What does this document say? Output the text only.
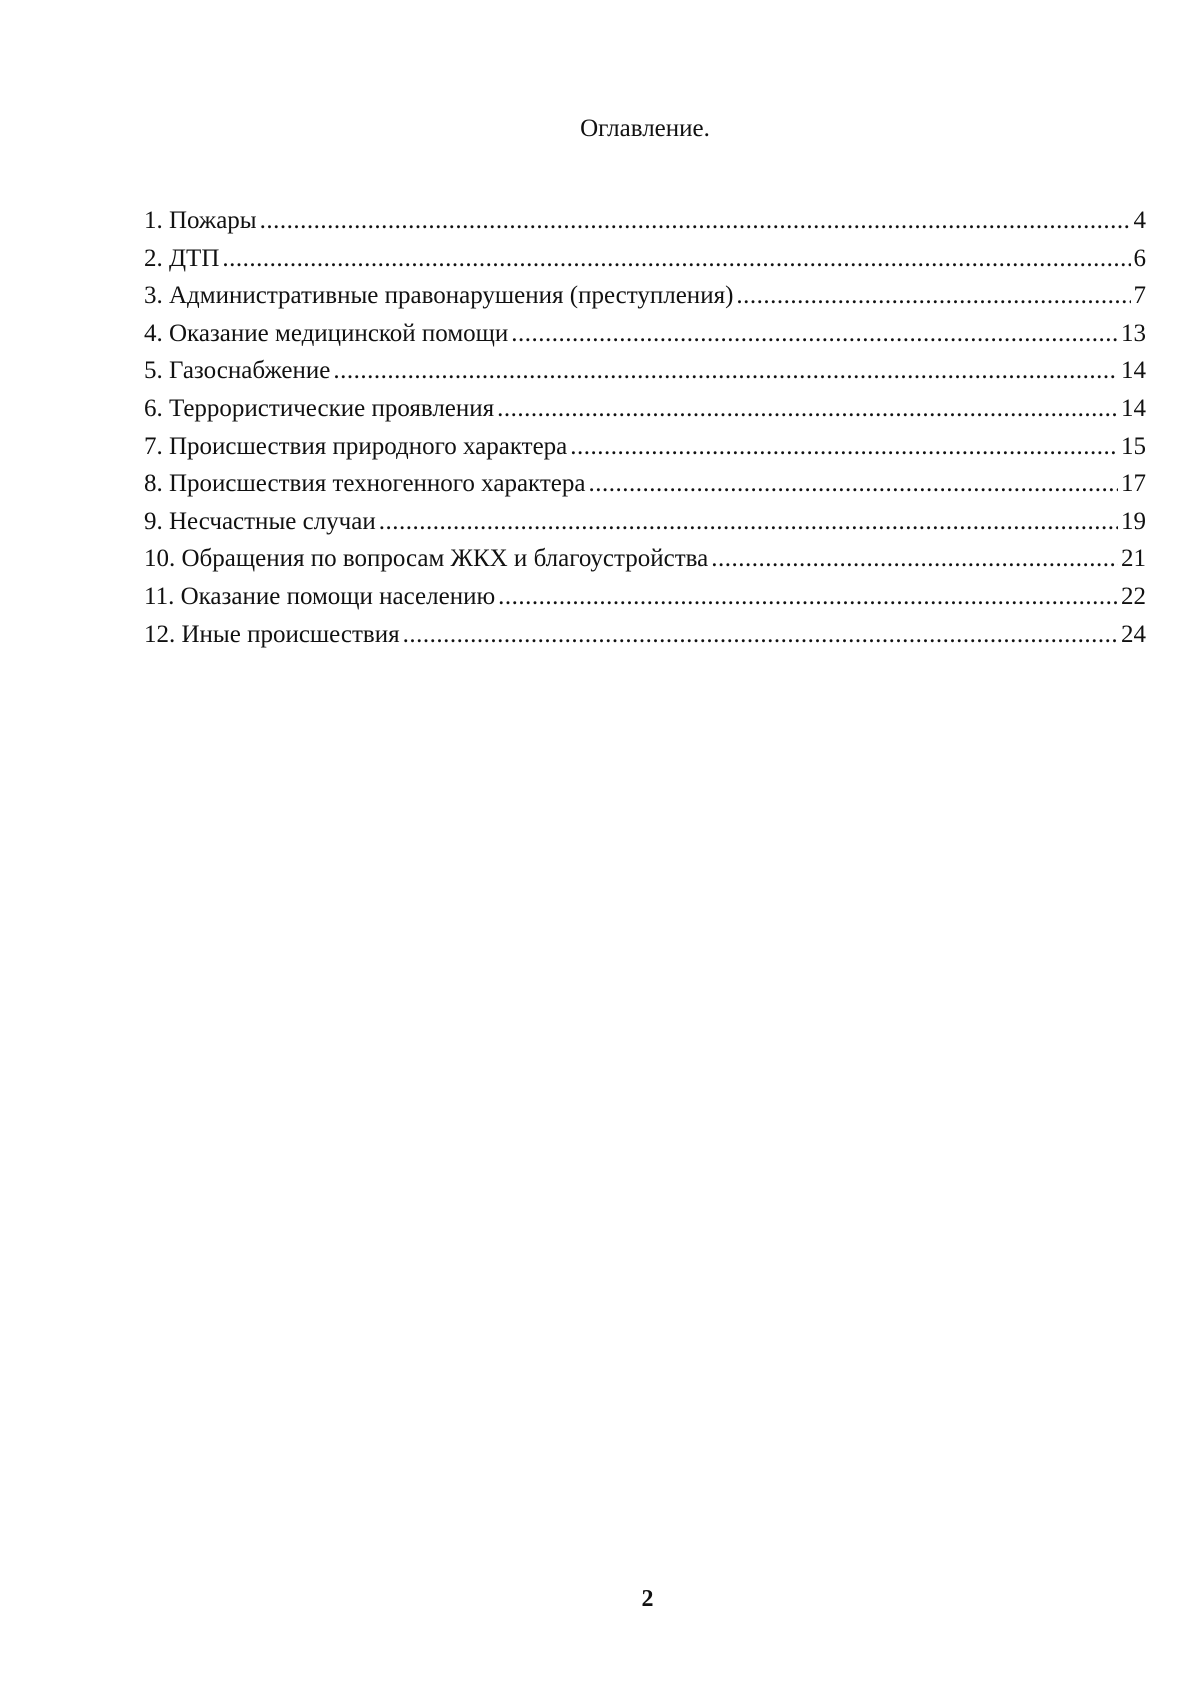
Оглавление.
1. Пожары .....	4
2. ДТП .....	6
3. Административные правонарушения (преступления) .....	7
4. Оказание медицинской помощи .....	13
5. Газоснабжение .....	14
6. Террористические проявления .....	14
7. Происшествия природного характера .....	15
8. Происшествия техногенного характера .....	17
9. Несчастные случаи .....	19
10. Обращения по вопросам ЖКХ и благоустройства .....	21
11. Оказание помощи населению .....	22
12. Иные происшествия .....	24
2
